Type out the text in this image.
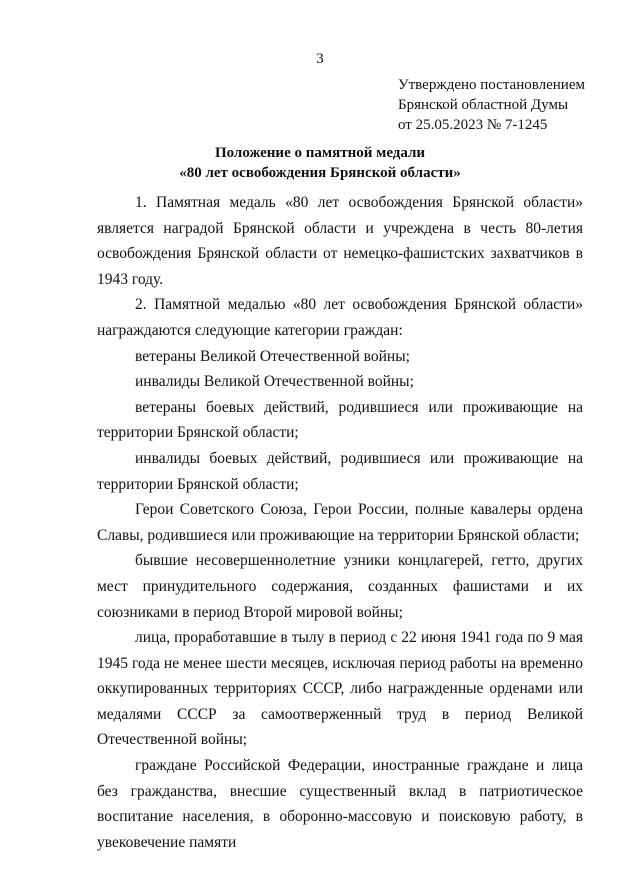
3
Утверждено постановлением
Брянской областной Думы
от 25.05.2023 № 7-1245
Положение о памятной медали
«80 лет освобождения Брянской области»

1. Памятная медаль «80 лет освобождения Брянской области» является наградой Брянской области и учреждена в честь 80-летия освобождения Брянской области от немецко-фашистских захватчиков в 1943 году.

2. Памятной медалью «80 лет освобождения Брянской области» награждаются следующие категории граждан:

ветераны Великой Отечественной войны;

инвалиды Великой Отечественной войны;

ветераны боевых действий, родившиеся или проживающие на территории Брянской области;

инвалиды боевых действий, родившиеся или проживающие на территории Брянской области;

Герои Советского Союза, Герои России, полные кавалеры ордена Славы, родившиеся или проживающие на территории Брянской области;

бывшие несовершеннолетние узники концлагерей, гетто, других мест принудительного содержания, созданных фашистами и их союзниками в период Второй мировой войны;

лица, проработавшие в тылу в период с 22 июня 1941 года по 9 мая 1945 года не менее шести месяцев, исключая период работы на временно оккупированных территориях СССР, либо награжденные орденами или медалями СССР за самоотверженный труд в период Великой Отечественной войны;

граждане Российской Федерации, иностранные граждане и лица без гражданства, внесшие существенный вклад в патриотическое воспитание населения, в оборонно-массовую и поисковую работу, в увековечение памяти
